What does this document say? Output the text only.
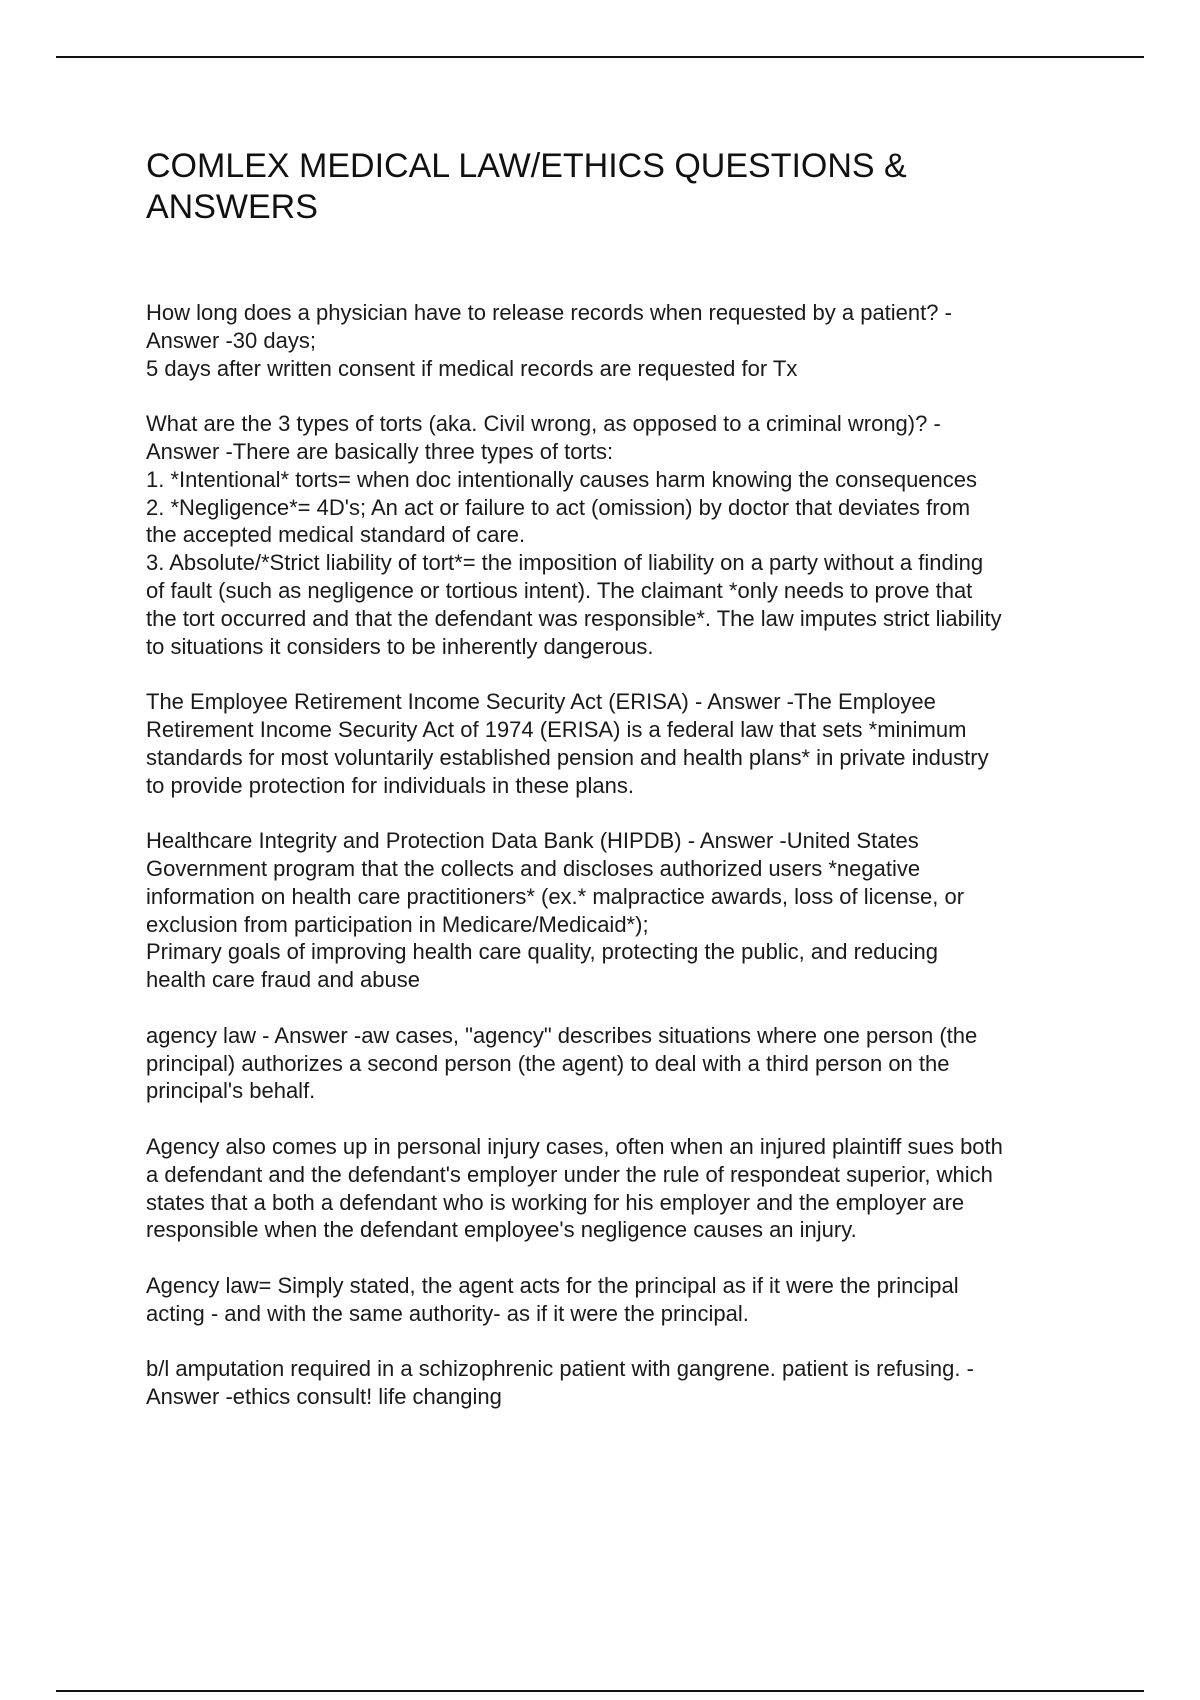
COMLEX MEDICAL LAW/ETHICS QUESTIONS &
ANSWERS

How long does a physician have to release records when requested by a patient? -
Answer -30 days;
5 days after written consent if medical records are requested for Tx

What are the 3 types of torts (aka. Civil wrong, as opposed to a criminal wrong)? -
Answer -There are basically three types of torts:
1. *Intentional* torts= when doc intentionally causes harm knowing the consequences
2. *Negligence*= 4D's; An act or failure to act (omission) by doctor that deviates from
the accepted medical standard of care.
3. Absolute/*Strict liability of tort*= the imposition of liability on a party without a finding
of fault (such as negligence or tortious intent). The claimant *only needs to prove that
the tort occurred and that the defendant was responsible*. The law imputes strict liability
to situations it considers to be inherently dangerous.

The Employee Retirement Income Security Act (ERISA) - Answer -The Employee
Retirement Income Security Act of 1974 (ERISA) is a federal law that sets *minimum
standards for most voluntarily established pension and health plans* in private industry
to provide protection for individuals in these plans.

Healthcare Integrity and Protection Data Bank (HIPDB) - Answer -United States
Government program that the collects and discloses authorized users *negative
information on health care practitioners* (ex.* malpractice awards, loss of license, or
exclusion from participation in Medicare/Medicaid*);
Primary goals of improving health care quality, protecting the public, and reducing
health care fraud and abuse

agency law - Answer -aw cases, "agency" describes situations where one person (the
principal) authorizes a second person (the agent) to deal with a third person on the
principal's behalf.

Agency also comes up in personal injury cases, often when an injured plaintiff sues both
a defendant and the defendant's employer under the rule of respondeat superior, which
states that a both a defendant who is working for his employer and the employer are
responsible when the defendant employee's negligence causes an injury.

Agency law= Simply stated, the agent acts for the principal as if it were the principal
acting - and with the same authority- as if it were the principal.

b/l amputation required in a schizophrenic patient with gangrene. patient is refusing. -
Answer -ethics consult! life changing
